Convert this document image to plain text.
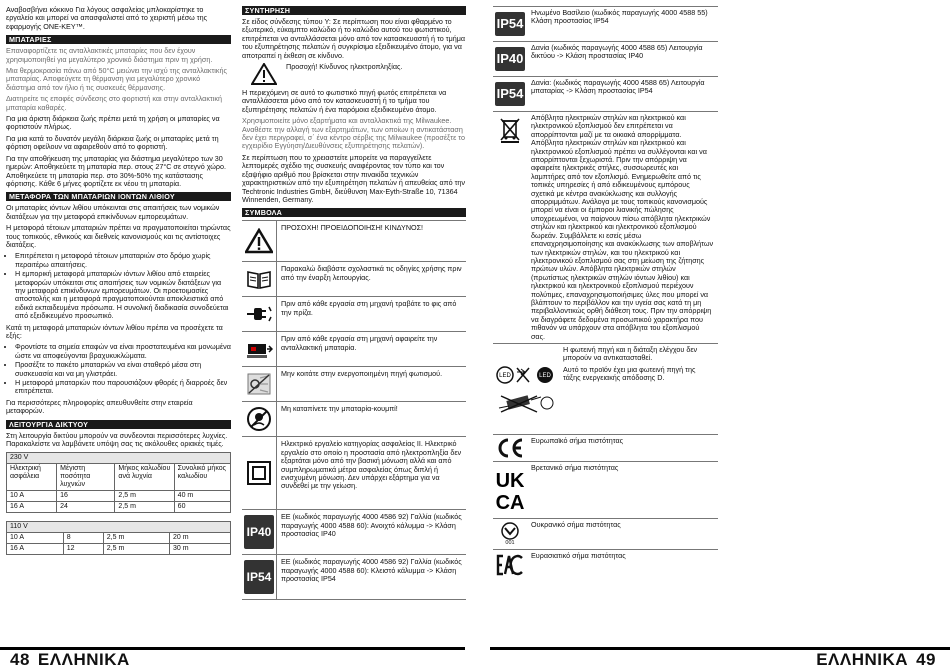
Αναβοσβήνει κόκκινο Για λόγους ασφαλείας μπλοκαρίστηκε το εργαλείο και μπορεί να απασφαλιστεί από το χειριστή μέσω της εφαρμογής ONE-KEY™.

ΜΠΑΤΑΡΙΕΣ

Επαναφορτίζετε τις ανταλλακτικές μπαταρίες που δεν έχουν χρησιμοποιηθεί για μεγαλύτερο χρονικό διάστημα πριν τη χρήση.

Μια θερμοκρασία πάνω από 50°C μειώνει την ισχύ της ανταλλακτικής μπαταρίας. Αποφεύγετε τη θέρμανση για μεγαλύτερο χρονικό διάστημα από τον ήλιο ή τις συσκευές θέρμανσης.

Διατηρείτε τις επαφές σύνδεσης στο φορτιστή και στην ανταλλακτική μπαταρία καθαρές.

Για μια άριστη διάρκεια ζωής πρέπει μετά τη χρήση οι μπαταρίες να φορτιστούν πλήρως.

Για μια κατά το δυνατόν μεγάλη διάρκεια ζωής οι μπαταρίες μετά τη φόρτιση οφείλουν να αφαιρεθούν από το φορτιστή.

Για την αποθήκευση της μπαταρίας για διάστημα μεγαλύτερο των 30 ημερών: Αποθηκεύετε τη μπαταρία περ. στους 27°C σε στεγνό χώρο. Αποθηκεύετε τη μπαταρία περ. στο 30%-50% της κατάστασης φόρτισης. Κάθε 6 μήνες φορτίζετε εκ νέου τη μπαταρία.

ΜΕΤΑΦΟΡΑ ΤΩΝ ΜΠΑΤΑΡΙΩΝ ΙΟΝΤΩΝ ΛΙΘΙΟΥ

Οι μπαταρίες ιόντων λιθίου υπόκεινται στις απαιτήσεις των νομικών διατάξεων για την μεταφορά επικίνδυνων εμπορευμάτων.

Η μεταφορά τέτοιων μπαταριών πρέπει να πραγματοποιείται τηρώντας τους τοπικούς, εθνικούς και διεθνείς κανονισμούς και τις αντίστοιχες διατάξεις.

• Επιτρέπεται η μεταφορά τέτοιων μπαταριών στο δρόμο χωρίς περαιτέρω απαιτήσεις.
• Η εμπορική μεταφορά μπαταριών ιόντων λιθίου από εταιρείες μεταφορών υπόκειται στις απαιτήσεις των νομικών διατάξεων για την μεταφορά επικίνδυνων εμπορευμάτων. Οι προετοιμασίες αποστολής και η μεταφορά πραγματοποιούνται αποκλειστικά από ειδικά εκπαιδευμένα πρόσωπα. Η συνολική διαδικασία συνοδεύεται από εξειδικευμένο προσωπικό.

Κατά τη μεταφορά μπαταριών ιόντων λιθίου πρέπει να προσέχετε τα εξής:

• Φροντίστε τα σημεία επαφών να είναι προστατευμένα και μονωμένα ώστε να αποφεύγονται βραχυκυκλώματα.
• Προσέξτε το πακέτο μπαταριών να είναι σταθερό μέσα στη συσκευασία και να μη γλιστράει.
• Η μεταφορά μπαταριών που παρουσιάζουν φθορές ή διαρροές δεν επιτρέπεται.

Για περισσότερες πληροφορίες απευθυνθείτε στην εταιρεία μεταφορών.

ΛΕΙΤΟΥΡΓΙΑ ΔΙΚΤΥΟΥ

Στη λειτουργία δικτύου μπορούν να συνδεονται περισσότερες λυχνίες. Παρακαλείστε να λαμβάνετε υπόψη σας τις ακόλουθες οριακές τιμές.

230 V			
Ηλεκτρική ασφάλεια	Μέγιστη ποσότητα λυχνιών	Μήκος καλωδίου ανά λυχνία	Συνολικό μήκος καλωδίου
10 A	16	2,5 m	40 m
16 A	24	2,5 m	60
110 V			
10 A	8	2,5 m	20 m
16 A	12	2,5 m	30 m
ΣΥΝΤΗΡΗΣΗ

Σε είδος σύνδεσης τύπου Y: Σε περίπτωση που είναι φθαρμένο το εξωτερικό, εύκαμπτο καλώδιο ή το καλώδιο αυτού του φωτιστικού, επιτρέπεται να ανταλλάσσεται μόνο από τον κατασκευαστή ή το τμήμα του εξυπηρέτησης πελατών ή συγκρίσιμα εξειδικευμένο άτομο, για να αποτραπεί η έκθεση σε κίνδυνο.

Προσοχή! Κίνδυνος ηλεκτροπληξίας.

Η περιεχόμενη σε αυτό το φωτιστικό πηγή φωτός επιτρέπεται να ανταλλάσσεται μόνο από τον κατασκευαστή ή το τμήμα του εξυπηρέτησης πελατών ή ένα παρόμοια εξειδικευμένο άτομο.

Χρησιμοποιείτε μόνο εξαρτήματα και ανταλλακτικά της Milwaukee. Αναθέστε την αλλαγή των εξαρτημάτων, των οποίων η αντικατάσταση δεν έχει περιγραφεί, σ΄ ένα κέντρο σέρβις της Milwaukee (προσέξτε το εγχειρίδιο Εγγύηση/Διευθύνσεις εξυπηρέτησης πελατών).

Σε περίπτωση που το χρειαστείτε μπορείτε να παραγγείλετε λεπτομερές σχέδιο της συσκευής αναφέροντας τον τύπο και τον εξαψήφιο αριθμό που βρίσκεται στην πινακίδα τεχνικών χαρακτηριστικών από την εξυπηρέτηση πελατών ή απευθείας από την Techtronic Industries GmbH, διεύθυνση Max-Eyth-Straße 10, 71364 Winnenden, Germany.

ΣΥΜΒΟΛΑ
ΠΡΟΣΟΧΗ! ΠΡΟΕΙΔΟΠΟΙΗΣΗ! ΚΙΝΔΥΝΟΣ!
Παρακαλώ διαβάστε σχολαστικά τις οδηγίες χρήσης πριν από την έναρξη λειτουργίας.
Πριν από κάθε εργασία στη μηχανή τραβάτε το φις από την πρίζα.
Πριν από κάθε εργασία στη μηχανή αφαιρείτε την ανταλλακτική μπαταρία.
Μην κοιτάτε στην ενεργοποιημένη πηγή φωτισμού.
Μη καταπίνετε την μπαταρία-κουμπί!
Ηλεκτρικό εργαλείο κατηγορίας ασφαλείας II. Ηλεκτρικό εργαλείο στο οποίο η προστασία από ηλεκτροπληξία δεν εξαρτάται μόνο από την βασική μόνωση αλλά και από συμπληρωματικά μέτρα ασφαλείας όπως διπλή ή ενισχυμένη μόνωση. Δεν υπάρχει εξάρτημα για να συνδεθεί με την γείωση.
IP40
ΕΕ (κωδικός παραγωγής 4000 4586 92) Γαλλία (κωδικός παραγωγής 4000 4588 60): Ανοιχτό κάλυμμα -> Κλάση προστασίας IP40
IP54
ΕΕ (κωδικός παραγωγής 4000 4586 92) Γαλλία (κωδικός παραγωγής 4000 4588 60): Κλειστό κάλυμμα -> Κλάση προστασίας IP54
IP54
Ηνωμένο Βασίλειο (κωδικός παραγωγής 4000 4588 55) Κλάση προστασίας IP54
IP40
Δανία (κωδικός παραγωγής 4000 4588 65) Λειτουργία δικτύου -> Κλάση προστασίας IP40
IP54
Δανία: (κωδικός παραγωγής 4000 4588 65) Λειτουργία μπαταρίας -> Κλάση προστασίας IP54
Απόβλητα ηλεκτρικών στηλών και ηλεκτρικού και ηλεκτρονικού εξοπλισμού δεν επιτρέπεται να απορρίπτονται μαζί με τα οικιακά απορρίμματα. Απόβλητα ηλεκτρικών στηλών και ηλεκτρικού και ηλεκτρονικού εξοπλισμού πρέπει να συλλέγονται και να απορρίπτονται ξεχωριστά. Πριν την απόρριψη να αφαιρείτε ηλεκτρικές στήλες, συσσωρευτές και λαμπτήρες από τον εξοπλισμό. Ενημερωθείτε από τις τοπικές υπηρεσίες ή από ειδικευμένους εμπόρους σχετικά με κέντρα ανακύκλωσης και συλλογής απορριμμάτων. Ανάλογα με τους τοπικούς κανονισμούς μπορεί να είναι οι έμποροι λιανικής πώλησης υποχρεωμένοι, να παίρνουν πίσω απόβλητα ηλεκτρικών στηλών και ηλεκτρικού και ηλεκτρονικού εξοπλισμού δωρεάν. Συμβάλλετε κι εσείς μέσω επαναχρησιμοποίησης και ανακύκλωσης των αποβλήτων των ηλεκτρικών στηλών, και του ηλεκτρικού και ηλεκτρονικού εξοπλισμού σας στη μείωση της ζήτησης πρώτων υλών. Απόβλητα ηλεκτρικών στηλών (πρωτίστως ηλεκτρικών στηλών ιόντων λιθίου) και ηλεκτρικού και ηλεκτρονικού εξοπλισμού περιέχουν πολύτιμες, επαναχρησιμοποιήσιμες ύλες που μπορεί να βλάπτουν το περιβάλλον και την υγεία σας κατά τη μη περιβαλλοντικώς ορθή διάθεση τους. Πριν την απόρριψη να διαγράφετε δεδομένα προσωπικού χαρακτήρα που πιθανόν να υπάρχουν στα απόβλητα του εξοπλισμού σας.
LED	LED

Η φωτεινή πηγή και η διάταξη ελέγχου δεν μπορούν να αντικατασταθεί.

Αυτό το προϊόν έχει μια φωτεινή πηγή της τάξης ενεργειακής απόδοσης D.

Ευρωπαϊκό σήμα πιστότητας
UK
CA
Βρετανικό σήμα πιστότητας
001
Ουκρανικό σήμα πιστότητας
Ευρασιατικό σήμα πιστότητας
48 ΕΛΛΗΝΙΚΑ	ΕΛΛΗΝΙΚΑ 49
